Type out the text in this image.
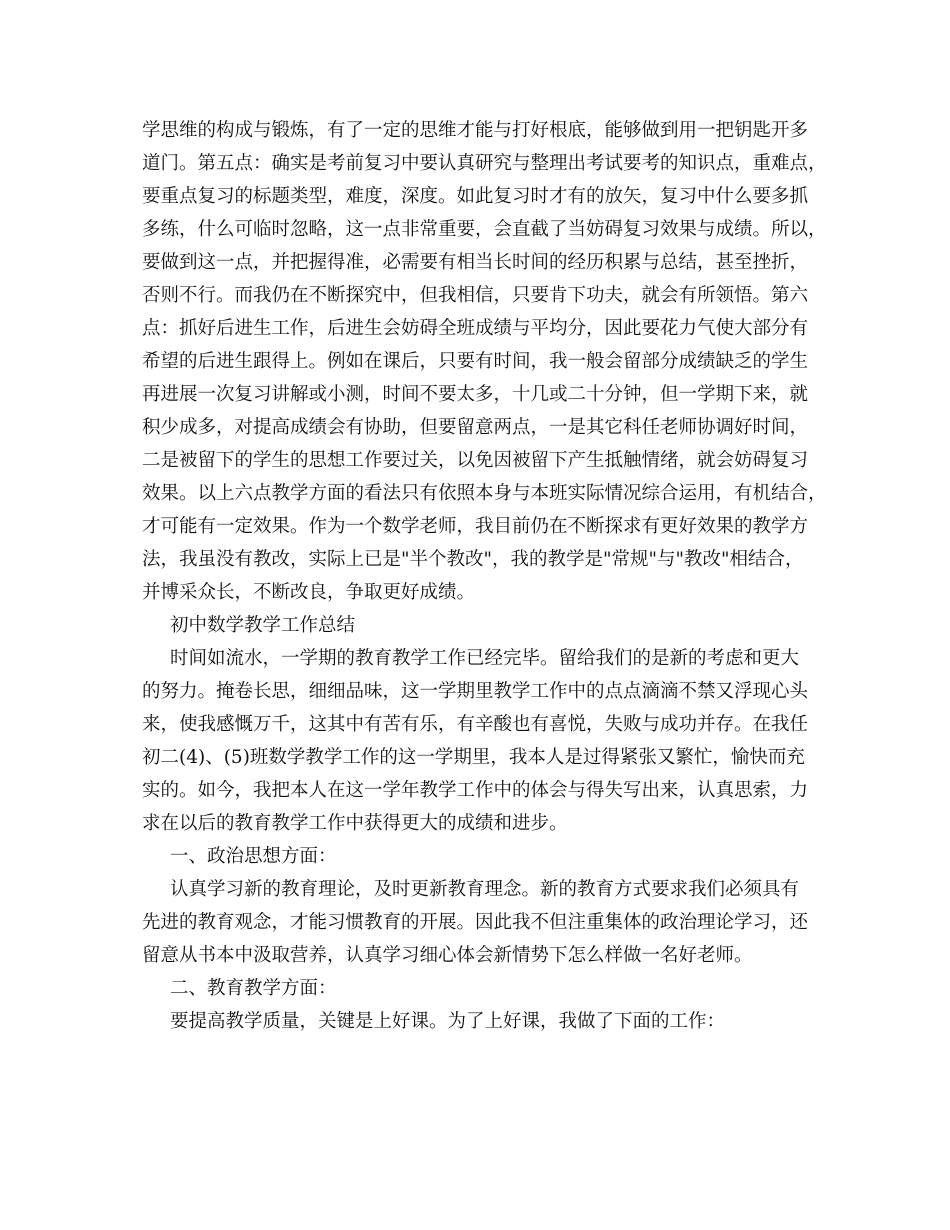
学思维的构成与锻炼，有了一定的思维才能与打好根底，能够做到用一把钥匙开多
道门。第五点：确实是考前复习中要认真研究与整理出考试要考的知识点，重难点，
要重点复习的标题类型，难度，深度。如此复习时才有的放矢，复习中什么要多抓
多练，什么可临时忽略，这一点非常重要，会直截了当妨碍复习效果与成绩。所以，
要做到这一点，并把握得准，必需要有相当长时间的经历积累与总结，甚至挫折，
否则不行。而我仍在不断探究中，但我相信，只要肯下功夫，就会有所领悟。第六
点：抓好后进生工作，后进生会妨碍全班成绩与平均分，因此要花力气使大部分有
希望的后进生跟得上。例如在课后，只要有时间，我一般会留部分成绩缺乏的学生
再进展一次复习讲解或小测，时间不要太多，十几或二十分钟，但一学期下来，就
积少成多，对提高成绩会有协助，但要留意两点，一是其它科任老师协调好时间，
二是被留下的学生的思想工作要过关，以免因被留下产生抵触情绪，就会妨碍复习
效果。以上六点教学方面的看法只有依照本身与本班实际情况综合运用，有机结合，
才可能有一定效果。作为一个数学老师，我目前仍在不断探求有更好效果的教学方
法，我虽没有教改，实际上已是"半个教改"，我的教学是"常规"与"教改"相结合，
并博采众长，不断改良，争取更好成绩。
初中数学教学工作总结
时间如流水，一学期的教育教学工作已经完毕。留给我们的是新的考虑和更大
的努力。掩卷长思，细细品味，这一学期里教学工作中的点点滴滴不禁又浮现心头
来，使我感慨万千，这其中有苦有乐，有辛酸也有喜悦，失败与成功并存。在我任
初二(4)、(5)班数学教学工作的这一学期里，我本人是过得紧张又繁忙，愉快而充
实的。如今，我把本人在这一学年教学工作中的体会与得失写出来，认真思索，力
求在以后的教育教学工作中获得更大的成绩和进步。
一、政治思想方面：
认真学习新的教育理论，及时更新教育理念。新的教育方式要求我们必须具有
先进的教育观念，才能习惯教育的开展。因此我不但注重集体的政治理论学习，还
留意从书本中汲取营养，认真学习细心体会新情势下怎么样做一名好老师。
二、教育教学方面：
要提高教学质量，关键是上好课。为了上好课，我做了下面的工作：
